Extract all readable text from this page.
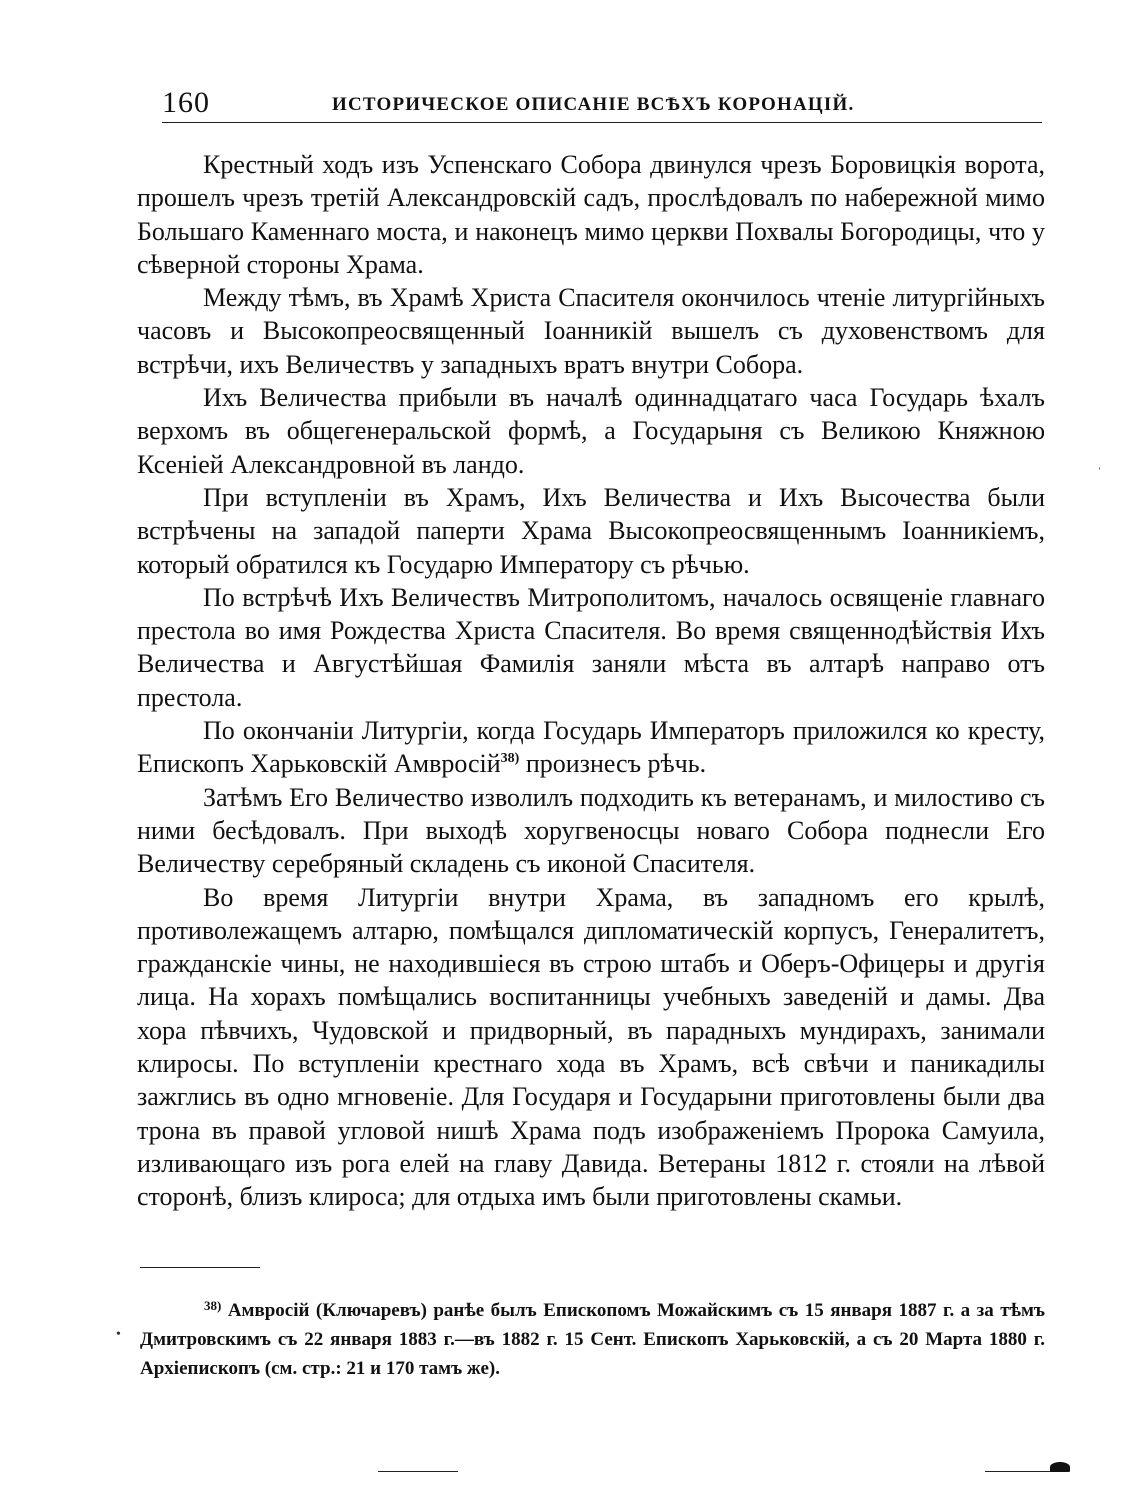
160	ИСТОРИЧЕСКОЕ ОПИСАНІЕ ВСѢХЪ КОРОНАЦІЙ.

Крестный ходъ изъ Успенскаго Собора двинулся чрезъ Боровицкія ворота, прошелъ чрезъ третій Александровскій садъ, прослѣдовалъ по набережной мимо Большаго Каменнаго моста, и наконецъ мимо церкви Похвалы Богородицы, что у сѣверной стороны Храма.

Между тѣмъ, въ Храмѣ Христа Спасителя окончилось чтеніе литургійныхъ часовъ и Высокопреосвященный Іоанникій вышелъ съ духовенствомъ для встрѣчи, ихъ Величествъ у западныхъ вратъ внутри Собора.

Ихъ Величества прибыли въ началѣ одиннадцатаго часа Государь ѣхалъ верхомъ въ общегенеральской формѣ, а Государыня съ Великою Княжною Ксеніей Александровной въ ландо.

При вступленіи въ Храмъ, Ихъ Величества и Ихъ Высочества были встрѣчены на западой паперти Храма Высокопреосвященнымъ Іоанникіемъ, который обратился къ Государю Императору съ рѣчью.

По встрѣчѣ Ихъ Величествъ Митрополитомъ, началось освященіе главнаго престола во имя Рождества Христа Спасителя. Во время священнодѣйствія Ихъ Величества и Августѣйшая Фамилія заняли мѣста въ алтарѣ направо отъ престола.

По окончаніи Литургіи, когда Государь Императоръ приложился ко кресту, Епископъ Харьковскій Амвросій$^{38)}$ произнесъ рѣчь.

Затѣмъ Его Величество изволилъ подходить къ ветеранамъ, и милостиво съ ними бесѣдовалъ. При выходѣ хоругвеносцы новаго Собора поднесли Его Величеству серебряный складень съ иконой Спасителя.

Во время Литургіи внутри Храма, въ западномъ его крылѣ, противолежащемъ алтарю, помѣщался дипломатическій корпусъ, Генералитетъ, гражданскіе чины, не находившіеся въ строю штабъ и Оберъ-Офицеры и другія лица. На хорахъ помѣщались воспитанницы учебныхъ заведеній и дамы. Два хора пѣвчихъ, Чудовской и придворный, въ парадныхъ мундирахъ, занимали клиросы. По вступленіи крестнаго хода въ Храмъ, всѣ свѣчи и паникадилы зажглись въ одно мгновеніе. Для Государя и Государыни приготовлены были два трона въ правой угловой нишѣ Храма подъ изображеніемъ Пророка Самуила, изливающаго изъ рога елей на главу Давида. Ветераны 1812 г. стояли на лѣвой сторонѣ, близъ клироса; для отдыха имъ были приготовлены скамьи.

$^{38)}$ Амвросій (Ключаревъ) ранѣе былъ Епископомъ Можайскимъ съ 15 января 1887 г. а за тѣмъ Дмитровскимъ съ 22 января 1883 г.—въ 1882 г. 15 Сент. Епископъ Харьковскій, а съ 20 Марта 1880 г. Архіепископъ (см. стр.: 21 и 170 тамъ же).

ˈ
•
